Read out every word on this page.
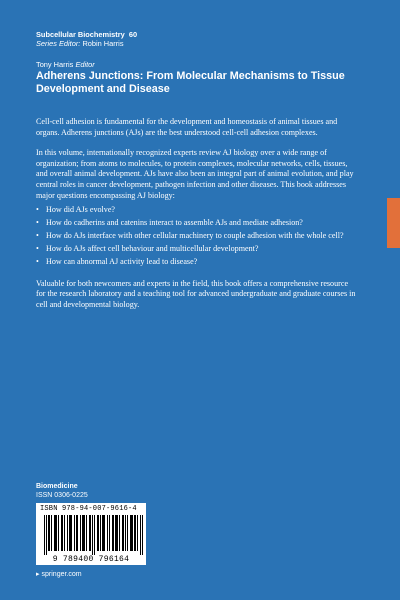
Subcellular Biochemistry 60
Series Editor: Robin Harris
Tony Harris Editor
Adherens Junctions: From Molecular Mechanisms to Tissue Development and Disease

Cell-cell adhesion is fundamental for the development and homeostasis of animal tissues and organs. Adherens junctions (AJs) are the best understood cell-cell adhesion complexes.

In this volume, internationally recognized experts review AJ biology over a wide range of organization; from atoms to molecules, to protein complexes, molecular networks, cells, tissues, and overall animal development. AJs have also been an integral part of animal evolution, and play central roles in cancer development, pathogen infection and other diseases. This book addresses major questions encompassing AJ biology:

• How did AJs evolve?
• How do cadherins and catenins interact to assemble AJs and mediate adhesion?
• How do AJs interface with other cellular machinery to couple adhesion with the whole cell?
• How do AJs affect cell behaviour and multicellular development?
• How can abnormal AJ activity lead to disease?

Valuable for both newcomers and experts in the field, this book offers a comprehensive resource for the research laboratory and a teaching tool for advanced undergraduate and graduate courses in cell and developmental biology.

Biomedicine
ISSN 0306-0225
ISBN 978-94-007-9616-4
9 789400 796164
▸ springer.com
